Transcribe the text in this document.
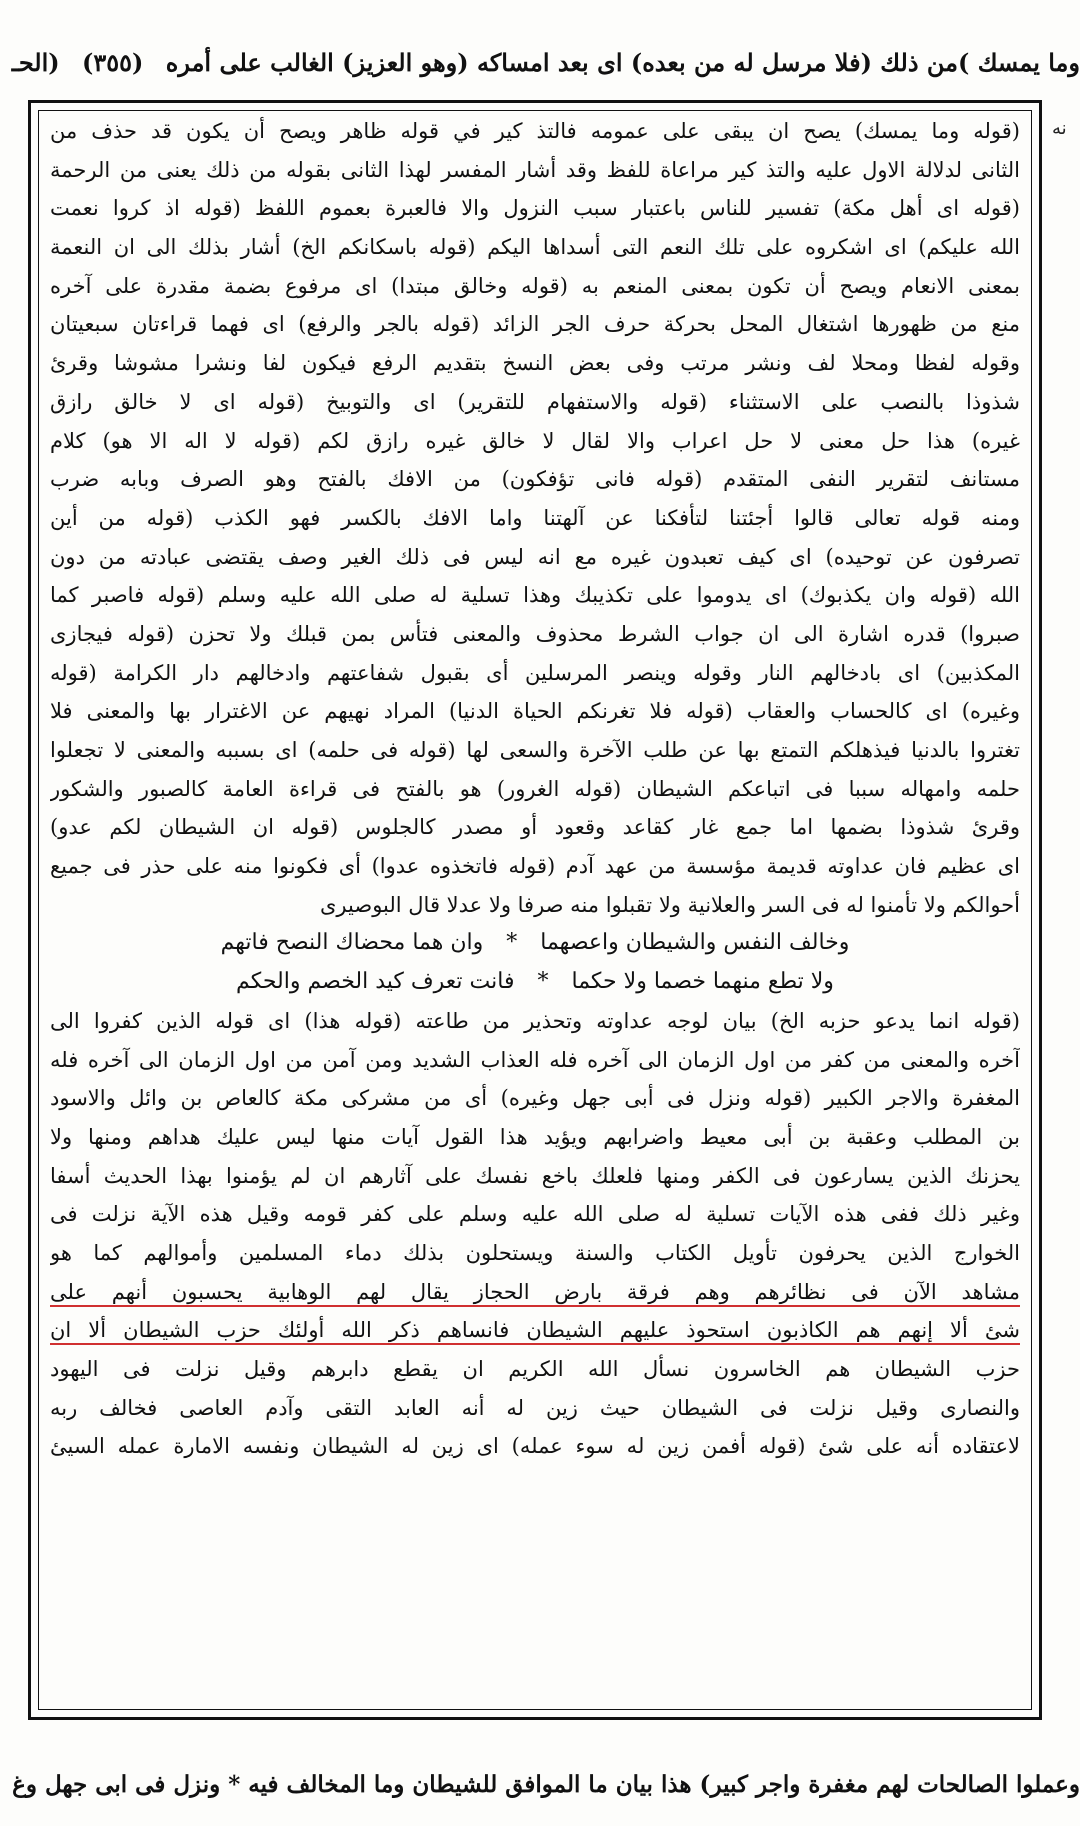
وما يمسك )من ذلك (فلا مرسل له من بعده) اى بعد امساكه (وهو العزيز) الغالب على أمره (٣٥٥) (الحـ
نه
(قوله وما يمسك) يصح ان يبقى على عمومه فالتذ كير في قوله ظاهر ويصح أن يكون قد حذف من
الثانى لدلالة الاول عليه والتذ كير مراعاة للفظ وقد أشار المفسر لهذا الثانى بقوله من ذلك يعنى من الرحمة
(قوله اى أهل مكة) تفسير للناس باعتبار سبب النزول والا فالعبرة بعموم اللفظ (قوله اذ كروا نعمت
الله عليكم) اى اشكروه على تلك النعم التى أسداها اليكم (قوله باسكانكم الخ) أشار بذلك الى ان النعمة
بمعنى الانعام ويصح أن تكون بمعنى المنعم به (قوله وخالق مبتدا) اى مرفوع بضمة مقدرة على آخره
منع من ظهورها اشتغال المحل بحركة حرف الجر الزائد (قوله بالجر والرفع) اى فهما قراءتان سبعيتان
وقوله لفظا ومحلا لف ونشر مرتب وفى بعض النسخ بتقديم الرفع فيكون لفا ونشرا مشوشا وقرئ
شذوذا بالنصب على الاستثناء (قوله والاستفهام للتقرير) اى والتوبيخ (قوله اى لا خالق رازق
غيره) هذا حل معنى لا حل اعراب والا لقال لا خالق غيره رازق لكم (قوله لا اله الا هو) كلام
مستانف لتقرير النفى المتقدم (قوله فانى تؤفكون) من الافك بالفتح وهو الصرف وبابه ضرب
ومنه قوله تعالى قالوا أجئتنا لتأفكنا عن آلهتنا واما الافك بالكسر فهو الكذب (قوله من أين
تصرفون عن توحيده) اى كيف تعبدون غيره مع انه ليس فى ذلك الغير وصف يقتضى عبادته من دون
الله (قوله وان يكذبوك) اى يدوموا على تكذيبك وهذا تسلية له صلى الله عليه وسلم (قوله فاصبر كما
صبروا) قدره اشارة الى ان جواب الشرط محذوف والمعنى فتأس بمن قبلك ولا تحزن (قوله فيجازى
المكذبين) اى بادخالهم النار وقوله وينصر المرسلين أى بقبول شفاعتهم وادخالهم دار الكرامة (قوله
وغيره) اى كالحساب والعقاب (قوله فلا تغرنكم الحياة الدنيا) المراد نهيهم عن الاغترار بها والمعنى فلا
تغتروا بالدنيا فيذهلكم التمتع بها عن طلب الآخرة والسعى لها (قوله فى حلمه) اى بسببه والمعنى لا تجعلوا
حلمه وامهاله سببا فى اتباعكم الشيطان (قوله الغرور) هو بالفتح فى قراءة العامة كالصبور والشكور
وقرئ شذوذا بضمها اما جمع غار كقاعد وقعود أو مصدر كالجلوس (قوله ان الشيطان لكم عدو)
اى عظيم فان عداوته قديمة مؤسسة من عهد آدم (قوله فاتخذوه عدوا) أى فكونوا منه على حذر فى جميع
أحوالكم ولا تأمنوا له فى السر والعلانية ولا تقبلوا منه صرفا ولا عدلا قال البوصيرى
وخالف النفس والشيطان واعصهما * وان هما محضاك النصح فاتهم
ولا تطع منهما خصما ولا حكما * فانت تعرف كيد الخصم والحكم
(قوله انما يدعو حزبه الخ) بيان لوجه عداوته وتحذير من طاعته (قوله هذا) اى قوله الذين كفروا الى
آخره والمعنى من كفر من اول الزمان الى آخره فله العذاب الشديد ومن آمن من اول الزمان الى آخره فله
المغفرة والاجر الكبير (قوله ونزل فى أبى جهل وغيره) أى من مشركى مكة كالعاص بن وائل والاسود
بن المطلب وعقبة بن أبى معيط واضرابهم ويؤيد هذا القول آيات منها ليس عليك هداهم ومنها ولا
يحزنك الذين يسارعون فى الكفر ومنها فلعلك باخع نفسك على آثارهم ان لم يؤمنوا بهذا الحديث أسفا
وغير ذلك ففى هذه الآيات تسلية له صلى الله عليه وسلم على كفر قومه وقيل هذه الآية نزلت فى
الخوارج الذين يحرفون تأويل الكتاب والسنة ويستحلون بذلك دماء المسلمين وأموالهم كما هو
مشاهد الآن فى نظائرهم وهم فرقة بارض الحجاز يقال لهم الوهابية يحسبون أنهم على
شئ ألا إنهم هم الكاذبون استحوذ عليهم الشيطان فانساهم ذكر الله أولئك حزب الشيطان ألا ان
حزب الشيطان هم الخاسرون نسأل الله الكريم ان يقطع دابرهم وقيل نزلت فى اليهود
والنصارى وقيل نزلت فى الشيطان حيث زين له أنه العابد التقى وآدم العاصى فخالف ربه
لاعتقاده أنه على شئ (قوله أفمن زين له سوء عمله) اى زين له الشيطان ونفسه الامارة عمله السيئ
وعملوا الصالحات لهم مغفرة واجر كبير) هذا بيان ما الموافق للشيطان وما المخالف فيه * ونزل فى ابى جهل وغ
